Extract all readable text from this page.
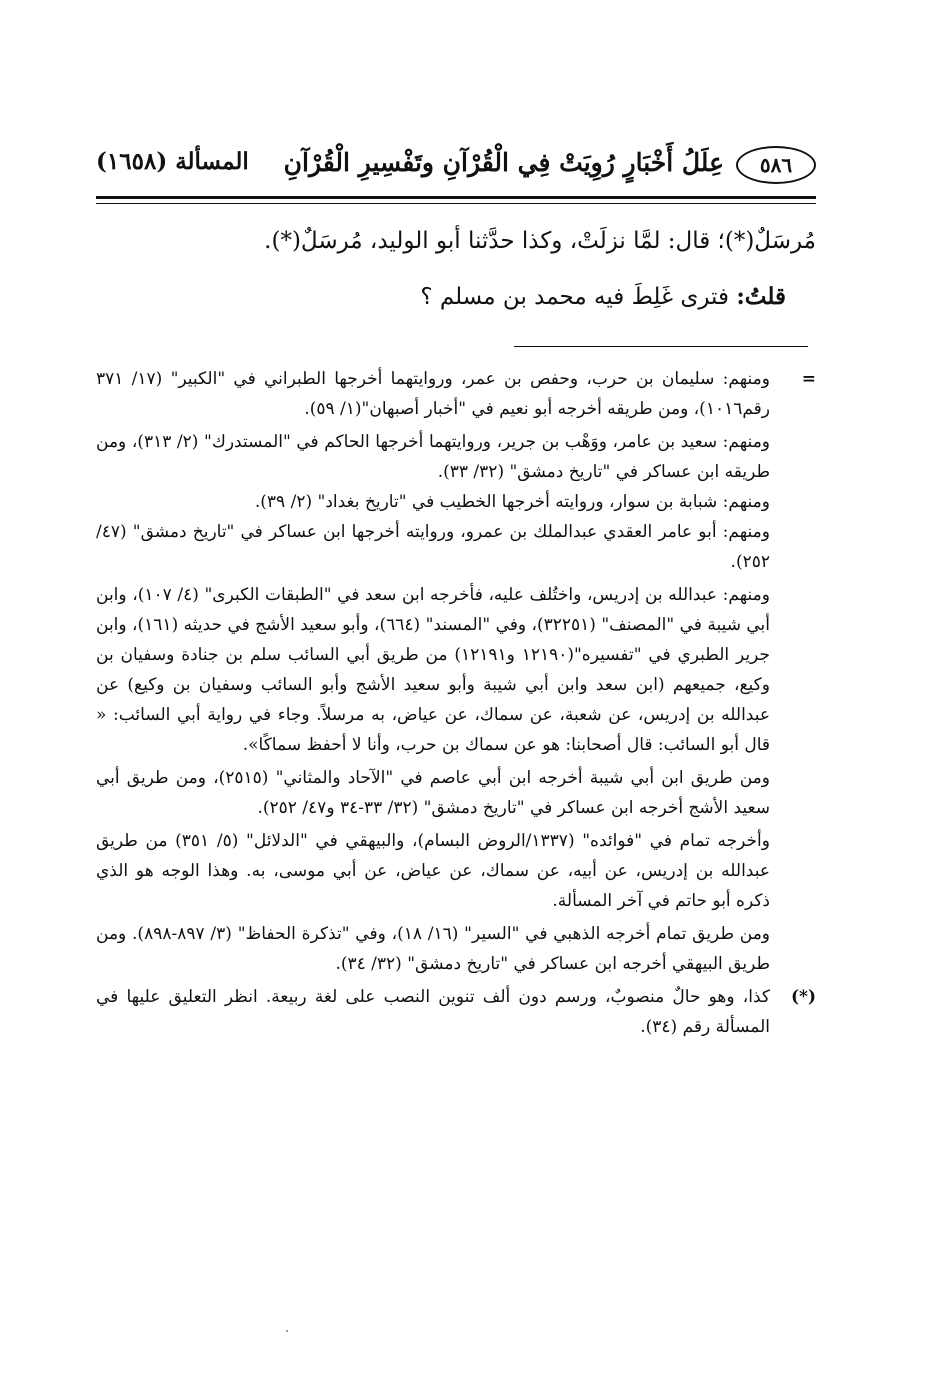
٥٨٦
عِلَلُ أَخْبَارٍ رُوِيَتْ فِي الْقُرْآنِ وتَفْسِيرِ الْقُرْآنِ
المسألة (١٦٥٨)

مُرسَلٌ(*)؛ قال: لمَّا نزلَتْ، وكذا حدَّثنا أبو الوليد، مُرسَلٌ(*).

قلتُ: فترى غَلِطَ فيه محمد بن مسلم ؟

=
ومنهم: سليمان بن حرب، وحفص بن عمر، وروايتهما أخرجها الطبراني في "الكبير" (١٧/ ٣٧١ رقم١٠١٦)، ومن طريقه أخرجه أبو نعيم في "أخبار أصبهان"(١/ ٥٩).

ومنهم: سعيد بن عامر، ووَهْب بن جرير، وروايتهما أخرجها الحاكم في "المستدرك" (٢/ ٣١٣)، ومن طريقه ابن عساكر في "تاريخ دمشق" (٣٢/ ٣٣).

ومنهم: شبابة بن سوار، وروايته أخرجها الخطيب في "تاريخ بغداد" (٢/ ٣٩).

ومنهم: أبو عامر العقدي عبدالملك بن عمرو، وروايته أخرجها ابن عساكر في "تاريخ دمشق" (٤٧/ ٢٥٢).

ومنهم: عبدالله بن إدريس، واختُلف عليه، فأخرجه ابن سعد في "الطبقات الكبرى" (٤/ ١٠٧)، وابن أبي شيبة في "المصنف" (٣٢٢٥١)، وفي "المسند" (٦٦٤)، وأبو سعيد الأشج في حديثه (١٦١)، وابن جرير الطبري في "تفسيره"(١٢١٩٠ و١٢١٩١) من طريق أبي السائب سلم بن جنادة وسفيان بن وكيع، جميعهم (ابن سعد وابن أبي شيبة وأبو سعيد الأشج وأبو السائب وسفيان بن وكيع) عن عبدالله بن إدريس، عن شعبة، عن سماك، عن عياض، به مرسلاً. وجاء في رواية أبي السائب: « قال أبو السائب: قال أصحابنا: هو عن سماك بن حرب، وأنا لا أحفظ سماكًا».

ومن طريق ابن أبي شيبة أخرجه ابن أبي عاصم في "الآحاد والمثاني" (٢٥١٥)، ومن طريق أبي سعيد الأشج أخرجه ابن عساكر في "تاريخ دمشق" (٣٢/ ٣٣-٣٤ و٤٧/ ٢٥٢).

وأخرجه تمام في "فوائده" (١٣٣٧/الروض البسام)، والبيهقي في "الدلائل" (٥/ ٣٥١) من طريق عبدالله بن إدريس، عن أبيه، عن سماك، عن عياض، عن أبي موسى، به. وهذا الوجه هو الذي ذكره أبو حاتم في آخر المسألة.

ومن طريق تمام أخرجه الذهبي في "السير" (١٦/ ١٨)، وفي "تذكرة الحفاظ" (٣/ ٨٩٧-٨٩٨). ومن طريق البيهقي أخرجه ابن عساكر في "تاريخ دمشق" (٣٢/ ٣٤).

(*)
كذا، وهو حالٌ منصوبٌ، ورسم دون ألف تنوين النصب على لغة ربيعة. انظر التعليق عليها في المسألة رقم (٣٤).
